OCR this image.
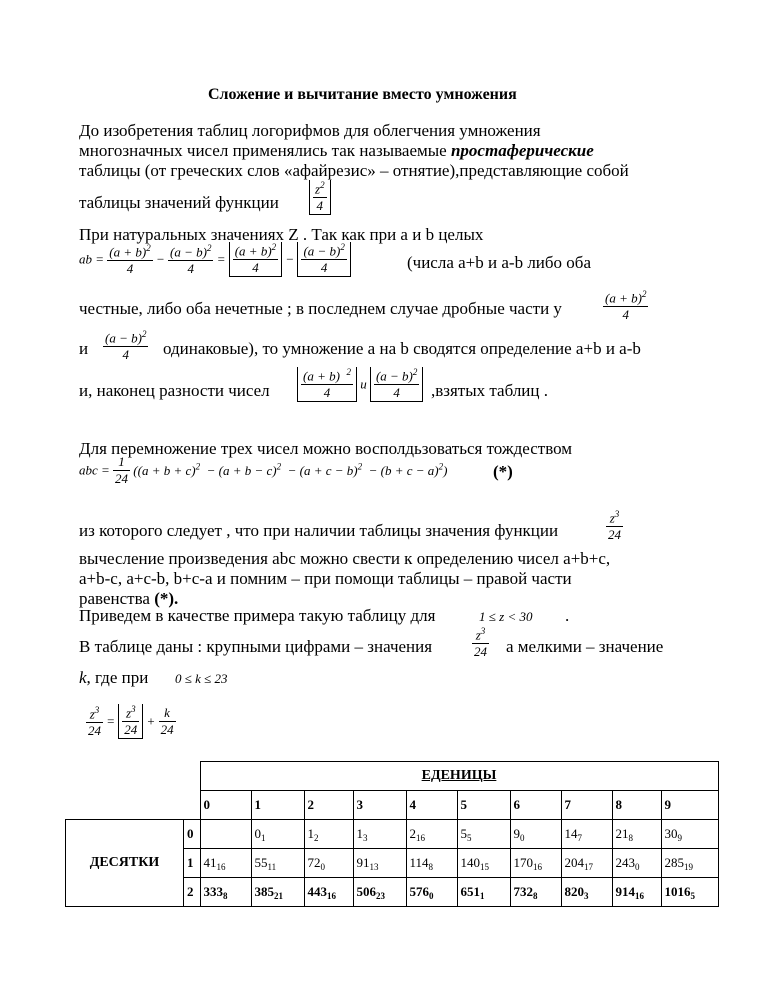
Сложение и вычитание вместо умножения
До изобретения таблиц логорифмов для облегчения умножения
многозначных чисел применялись так называемые простаферические
таблицы (от греческих слов «афайрезис» – отнятие),представляющие собой
таблицы значений функции	$\frac{z^2}{4}$
При натуральных значениях Z . Так как при а и b целых
ab = $\frac{(a + b)^2}{4} - \frac{(a - b)^2}{4} = \frac{(a + b)^2}{4} - \frac{(a - b)^2}{4}$	(числа a+b и a-b либо оба
честные, либо оба нечетные ; в последнем случае дробные части у	$\frac{(a + b)^2}{4}$
и $\frac{(a - b)^2}{4}$ одинаковые), то умножение а на b сводятся определение a+b и a-b
и, наконец разности чисел $\frac{(a + b) ^2}{4}$ и $\frac{(a - b)^2}{4}$ ,взятых таблиц .
Для перемножение трех чисел можно восполдьзоваться тождеством
abc = $\frac{1}{24} ((a + b + c)^2 - (a + b - c)^2 - (a + c - b)^2 - (b + c - a)^2)$	(*)
из которого следует , что при наличии таблицы значения функции	$\frac{z^3}{24}$
вычесление произведения abc можно свести к определению чисел a+b+c,
a+b-c, a+c-b, b+c-a и помним – при помощи таблицы – правой части
равенства (*).
Приведем в качестве примера такую таблицу для	1 ≤ z < 30 .
В таблице даны : крупными цифрами – значения	$\frac{z^3}{24}$ а мелкими – значение
k, где при 0 ≤ k ≤ 23
$\frac{z^3}{24} = \frac{z^3}{24} + \frac{k}{24}$
		ЕДЕНИЦЫ									
		0	1	2	3	4	5	6	7	8	9
ДЕСЯТКИ	0		$0_1$	$1_2$	$1_3$	$2_{16}$	$5_5$	$9_0$	$14_7$	$21_8$	$30_9$
	1	$41_{16}$	$55_{11}$	$72_0$	$91_{13}$	$114_8$	$140_{15}$	$170_{16}$	$204_{17}$	$243_0$	$285_{19}$
	2	$333_8$	$385_{21}$	$443_{16}$	$506_{23}$	$576_0$	$651_1$	$732_8$	$820_3$	$914_{16}$	$1016_5$
